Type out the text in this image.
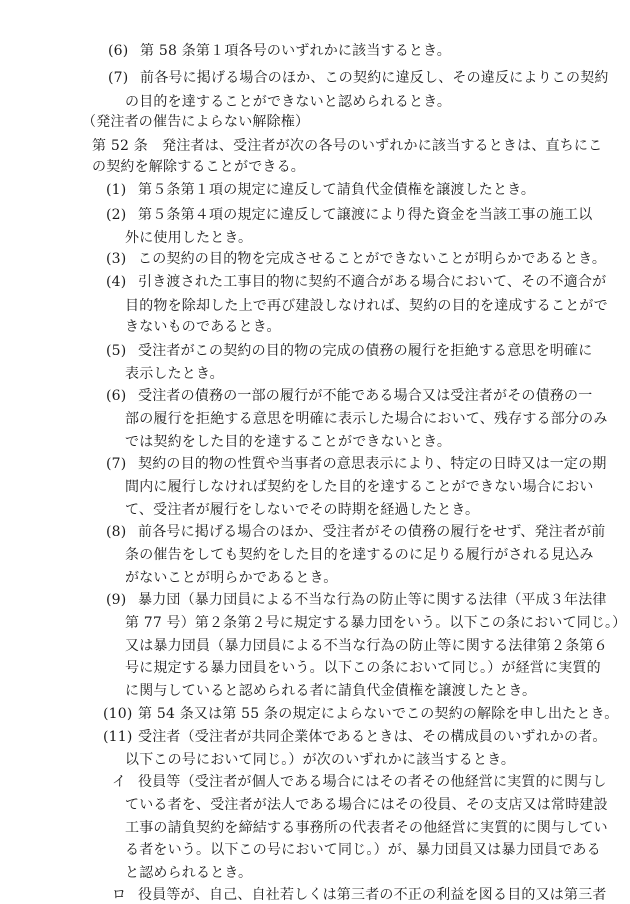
(6) 第 58 条第１項各号のいずれかに該当するとき。
(7) 前各号に掲げる場合のほか、この契約に違反し、その違反によりこの契約
の目的を達することができないと認められるとき。
（発注者の催告によらない解除権）
第 52 条　発注者は、受注者が次の各号のいずれかに該当するときは、直ちにこ
の契約を解除することができる。
(1) 第５条第１項の規定に違反して請負代金債権を譲渡したとき。
(2) 第５条第４項の規定に違反して譲渡により得た資金を当該工事の施工以
外に使用したとき。
(3) この契約の目的物を完成させることができないことが明らかであるとき。
(4) 引き渡された工事目的物に契約不適合がある場合において、その不適合が
目的物を除却した上で再び建設しなければ、契約の目的を達成することがで
きないものであるとき。
(5) 受注者がこの契約の目的物の完成の債務の履行を拒絶する意思を明確に
表示したとき。
(6) 受注者の債務の一部の履行が不能である場合又は受注者がその債務の一
部の履行を拒絶する意思を明確に表示した場合において、残存する部分のみ
では契約をした目的を達することができないとき。
(7) 契約の目的物の性質や当事者の意思表示により、特定の日時又は一定の期
間内に履行しなければ契約をした目的を達することができない場合におい
て、受注者が履行をしないでその時期を経過したとき。
(8) 前各号に掲げる場合のほか、受注者がその債務の履行をせず、発注者が前
条の催告をしても契約をした目的を達するのに足りる履行がされる見込み
がないことが明らかであるとき。
(9) 暴力団（暴力団員による不当な行為の防止等に関する法律（平成３年法律
第 77 号）第２条第２号に規定する暴力団をいう。以下この条において同じ。）
又は暴力団員（暴力団員による不当な行為の防止等に関する法律第２条第６
号に規定する暴力団員をいう。以下この条において同じ。）が経営に実質的
に関与していると認められる者に請負代金債権を譲渡したとき。
(10) 第 54 条又は第 55 条の規定によらないでこの契約の解除を申し出たとき。
(11) 受注者（受注者が共同企業体であるときは、その構成員のいずれかの者。
以下この号において同じ。）が次のいずれかに該当するとき。
イ 役員等（受注者が個人である場合にはその者その他経営に実質的に関与し
ている者を、受注者が法人である場合にはその役員、その支店又は常時建設
工事の請負契約を締結する事務所の代表者その他経営に実質的に関与してい
る者をいう。以下この号において同じ。）が、暴力団員又は暴力団員である
と認められるとき。
ロ 役員等が、自己、自社若しくは第三者の不正の利益を図る目的又は第三者
